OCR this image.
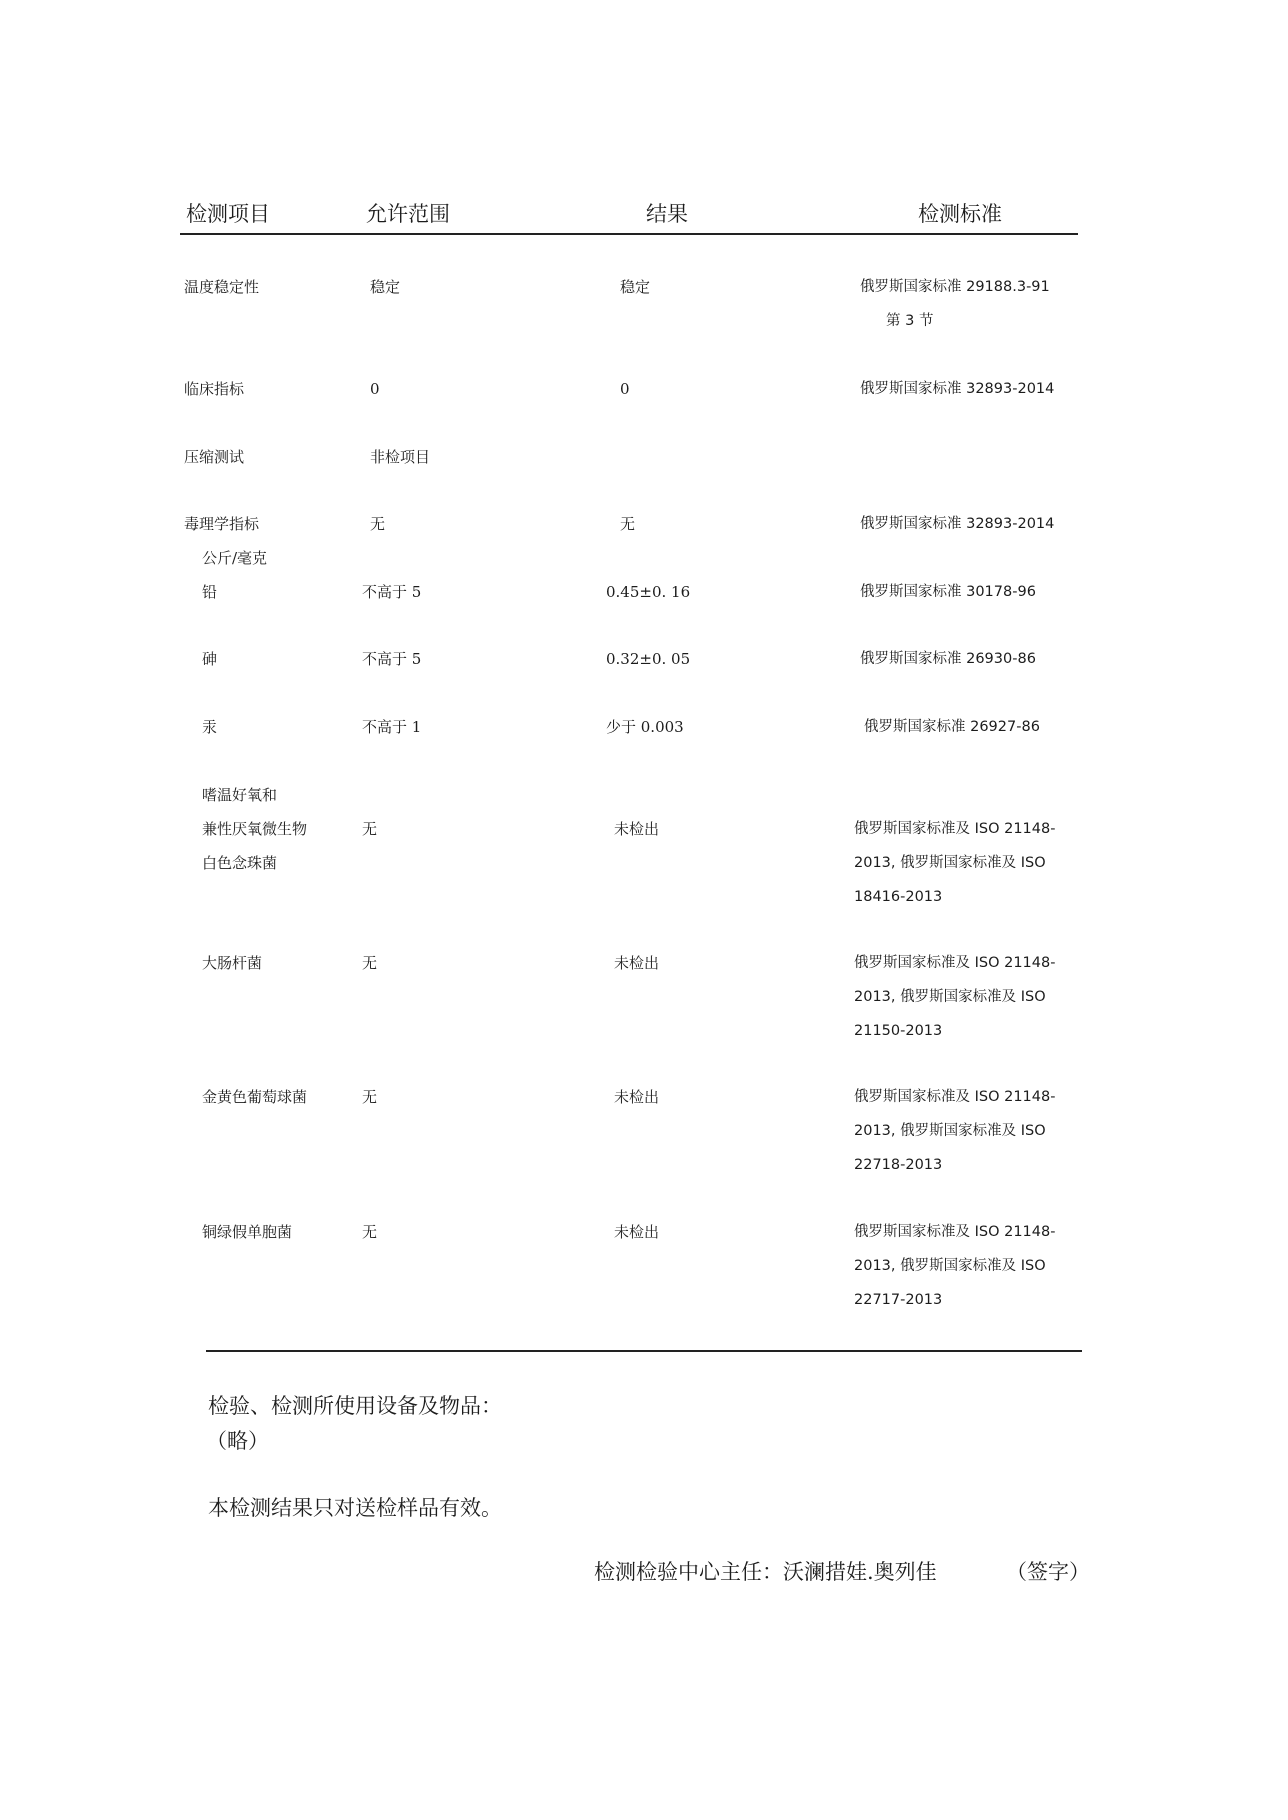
检测项目	允许范围	结果	检测标准
温度稳定性	稳定	稳定	俄罗斯国家标准 29188.3-91
第 3 节
临床指标	0	0	俄罗斯国家标准 32893-2014
压缩测试	非检项目
毒理学指标	无	无	俄罗斯国家标准 32893-2014
公斤/毫克
铅	不高于 5	0.45±0. 16	俄罗斯国家标准 30178-96
砷	不高于 5	0.32±0. 05	俄罗斯国家标准 26930-86
汞	不高于 1	少于 0.003	俄罗斯国家标准 26927-86
嗜温好氧和
兼性厌氧微生物
白色念珠菌
无	未检出	俄罗斯国家标准及 ISO 21148-
2013, 俄罗斯国家标准及 ISO
18416-2013
大肠杆菌	无	未检出	俄罗斯国家标准及 ISO 21148-
2013, 俄罗斯国家标准及 ISO
21150-2013
金黄色葡萄球菌	无	未检出	俄罗斯国家标准及 ISO 21148-
2013, 俄罗斯国家标准及 ISO
22718-2013
铜绿假单胞菌	无	未检出	俄罗斯国家标准及 ISO 21148-
2013, 俄罗斯国家标准及 ISO
22717-2013
检验、检测所使用设备及物品：
（略）
本检测结果只对送检样品有效。
检测检验中心主任：沃澜措娃.奥列佳	（签字）
